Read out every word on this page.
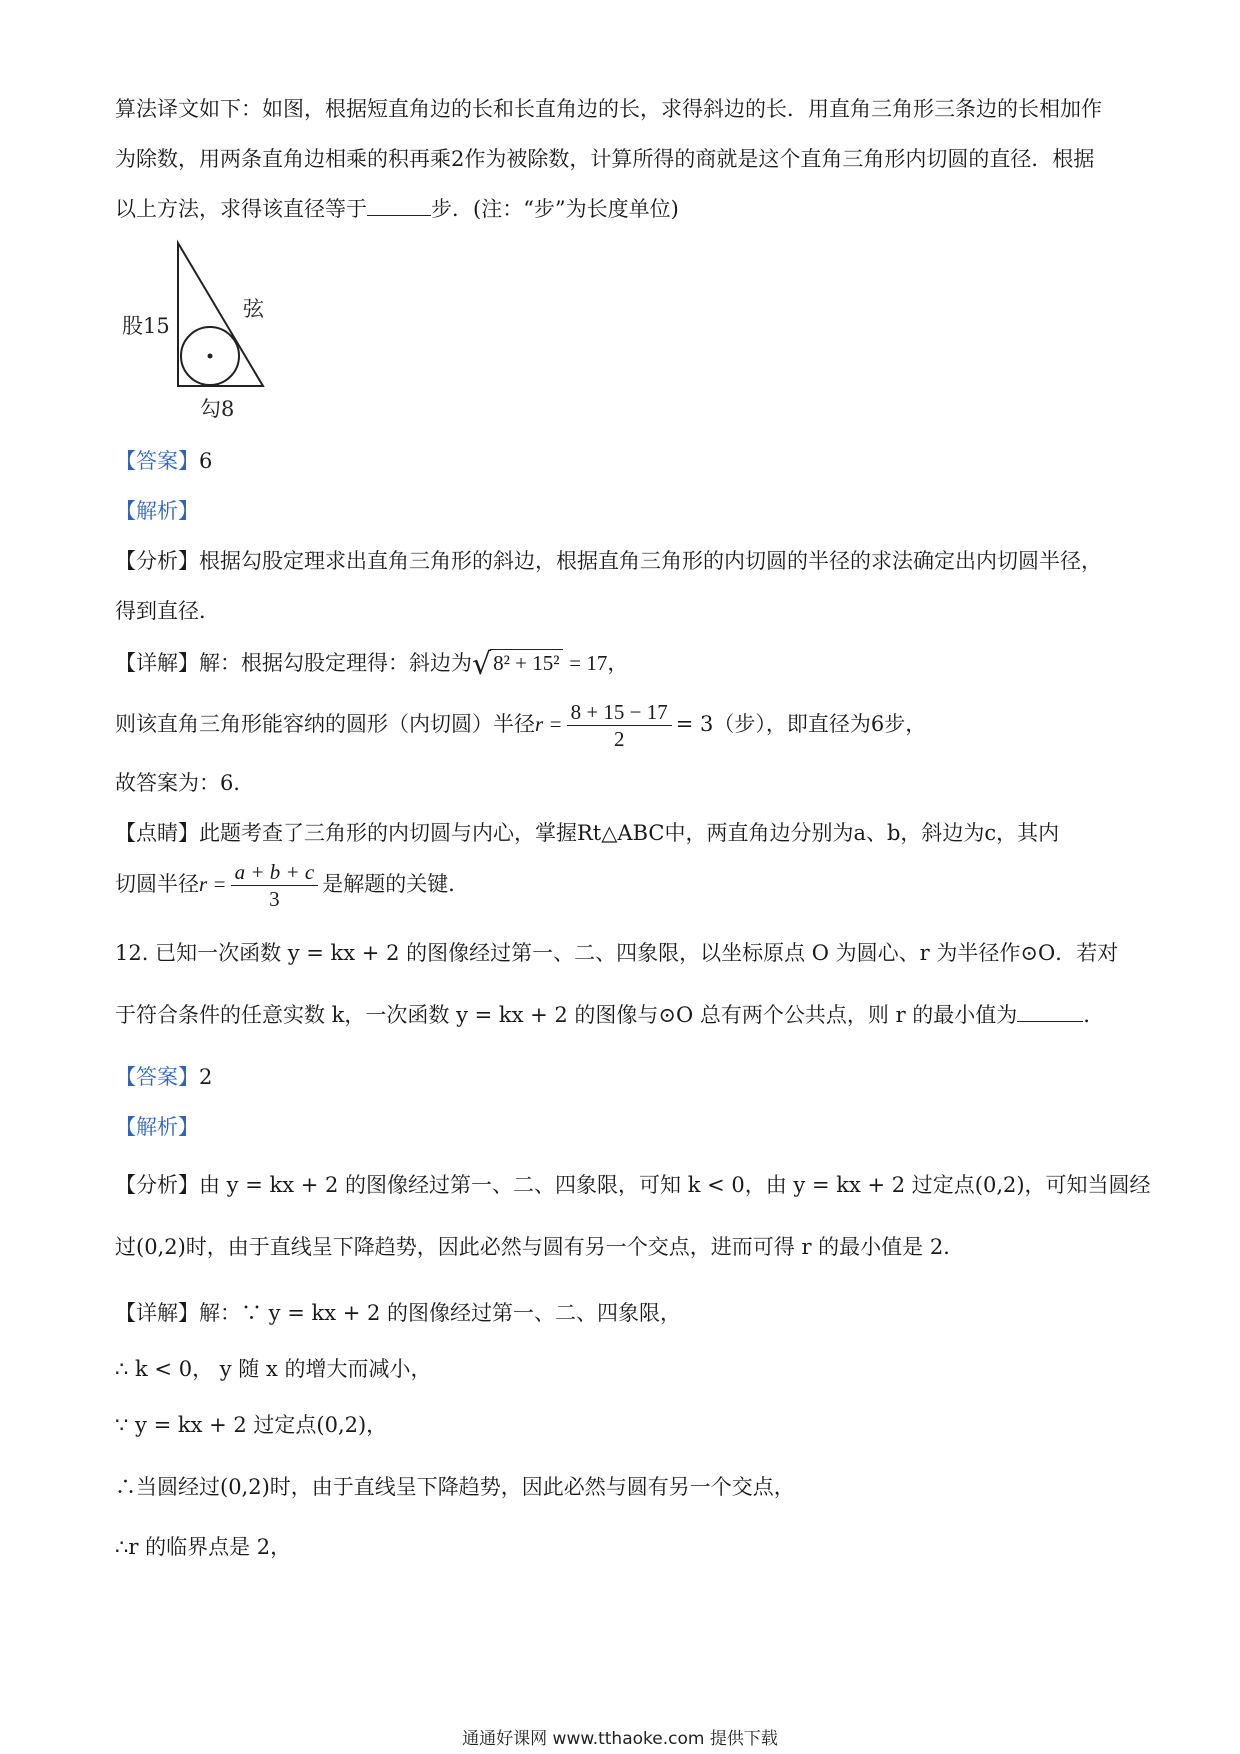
算法译文如下：如图，根据短直角边的长和长直角边的长，求得斜边的长．用直角三角形三条边的长相加作
为除数，用两条直角边相乘的积再乘2作为被除数，计算所得的商就是这个直角三角形内切圆的直径．根据
以上方法，求得该直径等于	步．(注：“步”为长度单位)
股15
弦
勾8
【答案】6
【解析】
【分析】根据勾股定理求出直角三角形的斜边，根据直角三角形的内切圆的半径的求法确定出内切圆半径，
得到直径．
【详解】解：根据勾股定理得：斜边为√8² + 15² = 17，
则该直角三角形能容纳的圆形（内切圆）半径$r = \frac{8 + 15 - 17}{2} = 3$（步），即直径为6步，
故答案为：6．
【点睛】此题考查了三角形的内切圆与内心，掌握Rt△ABC中，两直角边分别为a、b，斜边为c，其内
切圆半径$r = \frac{a + b + c}{3}$ 是解题的关键．
12. 已知一次函数 y = kx + 2 的图像经过第一、二、四象限，以坐标原点 O 为圆心、r 为半径作⊙O．若对
于符合条件的任意实数 k，一次函数 y = kx + 2 的图像与⊙O 总有两个公共点，则 r 的最小值为	．
【答案】2
【解析】
【分析】由 y = kx + 2 的图像经过第一、二、四象限，可知 k < 0，由 y = kx + 2 过定点(0,2)，可知当圆经
过(0,2)时，由于直线呈下降趋势，因此必然与圆有另一个交点，进而可得 r 的最小值是 2．
【详解】解：∵ y = kx + 2 的图像经过第一、二、四象限，
∴ k < 0， y 随 x 的增大而减小，
∵ y = kx + 2 过定点(0,2)，
∴当圆经过(0,2)时，由于直线呈下降趋势，因此必然与圆有另一个交点，
∴r 的临界点是 2，
通通好课网 www.tthaoke.com 提供下载
